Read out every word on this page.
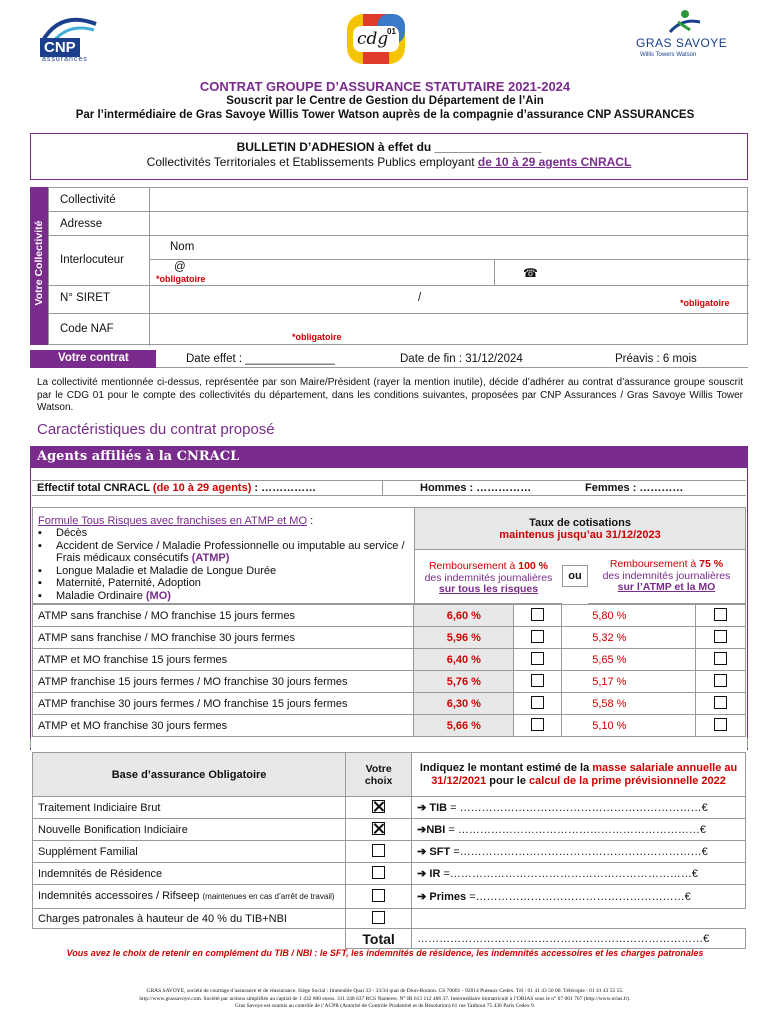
CNP
assurances
cdg
01
GRAS SAVOYE
Willis Towers Watson
CONTRAT GROUPE D’ASSURANCE STATUTAIRE 2021-2024
Souscrit par le Centre de Gestion du Département de l’Ain
Par l’intermédiaire de Gras Savoye Willis Tower Watson auprès de la compagnie d’assurance CNP ASSURANCES
BULLETIN D’ADHESION à effet du ________________
Collectivités Territoriales et Etablissements Publics employant de 10 à 29 agents CNRACL
Votre Collectivité
Collectivité
Adresse
Interlocuteur
Nom
@
*obligatoire	☎
N° SIRET	/	*obligatoire
Code NAF
*obligatoire
Votre contrat	Date effet : ______________	Date de fin : 31/12/2024	Préavis : 6 mois
La collectivité mentionnée ci-dessus, représentée par son Maire/Président (rayer la mention inutile), décide d’adhérer au contrat d’assurance groupe souscrit par le CDG 01 pour le compte des collectivités du département, dans les conditions suivantes, proposées par CNP Assurances / Gras Savoye Willis Tower Watson.
Caractéristiques du contrat proposé
Agents affiliés à la CNRACL
Effectif total CNRACL (de 10 à 29 agents) : ……………	Hommes : ……………	Femmes : …………
Formule Tous Risques avec franchises en ATMP et MO :
▪ Décès
▪	Accident de Service / Maladie Professionnelle ou imputable au service / Frais médicaux consécutifs (ATMP)
▪ Longue Maladie et Maladie de Longue Durée
▪ Maternité, Paternité, Adoption
▪ Maladie Ordinaire (MO)
Taux de cotisations
maintenus jusqu’au 31/12/2023
Remboursement à 100 %
des indemnités journalières
sur tous les risques
ou
Remboursement à 75 %
des indemnités journalières
sur l’ATMP et la MO
ATMP sans franchise / MO franchise 15 jours fermes	6,60 %		5,80 %	
ATMP sans franchise / MO franchise 30 jours fermes	5,96 %		5,32 %	
ATMP et MO franchise 15 jours fermes	6,40 %		5,65 %	
ATMP franchise 15 jours fermes / MO franchise 30 jours fermes	5,76 %		5,17 %	
ATMP franchise 30 jours fermes / MO franchise 15 jours fermes	6,30 %		5,58 %	
ATMP et MO franchise 30 jours fermes	5,66 %		5,10 %	
Base d’assurance Obligatoire	Votre choix	Indiquez le montant estimé de la masse salariale annuelle au 31/12/2021 pour le calcul de la prime prévisionnelle 2022
Traitement Indiciaire Brut		➔ TIB = …………………………………………………………€
Nouvelle Bonification Indiciaire		➔NBI = …………………………………………………………€
Supplément Familial		➔ SFT =…………………………………………………………€
Indemnités de Résidence		➔ IR =…………………………………………………………€
Indemnités accessoires / Rifseep (maintenues en cas d’arrêt de travail)		➔ Primes =…………………………………………………€
Charges patronales à hauteur de 40 % du TIB+NBI		
	Total	……………………………………………………………………€
Vous avez le choix de retenir en complément du TIB / NBI : le SFT, les indemnités de résidence, les indemnités accessoires et les charges patronales
GRAS SAVOYE, société de courtage d’assurance et de réassurance. Siège Social : Immeuble Quai 33 - 33/34 quai de Dion-Bouton. CS 70001 - 92814 Puteaux Cedex. Tél : 01 41 43 50 00. Télécopie : 01 41 43 55 55.
http://www.grassavoye.com. Société par actions simplifiée au capital de 1 432 600 euros. 311 248 637 RCS Nanterre. N° IR 613 112 486 37. Intermédiaire immatriculé à l’ORIAS sous le n° 07 001 707 (http://www.orias.fr).
Gras Savoye est soumis au contrôle de l’ACPR (Autorité de Contrôle Prudentiel et de Résolution) 61 rue Taitbout 75 436 Paris Cedex 9.
